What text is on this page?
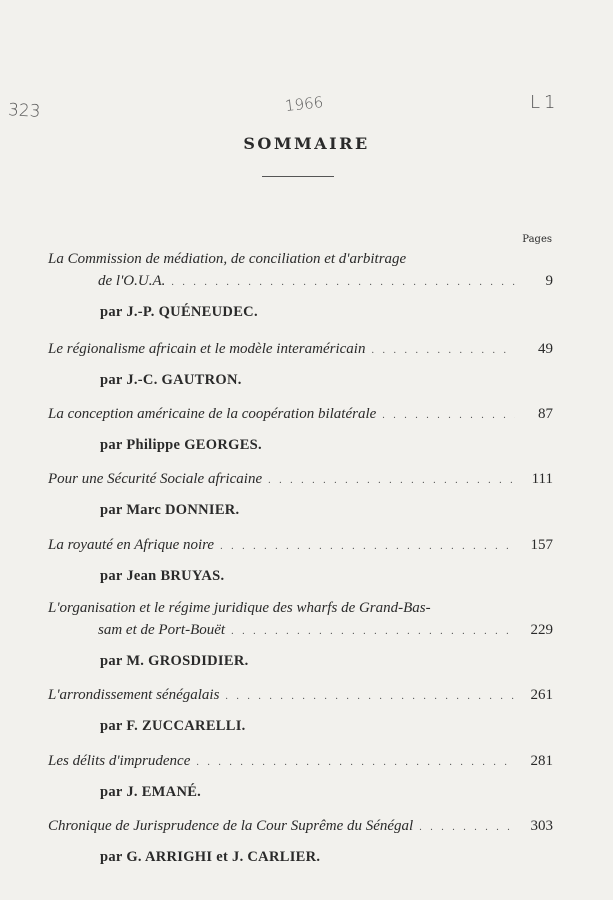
323	1966	L1
SOMMAIRE
Pages
La Commission de médiation, de conciliation et d'arbitrage
de l'O.U.A. . . .	9
par J.-P. QUÉNEUDEC.
Le régionalisme africain et le modèle interaméricain . . .	49
par J.-C. GAUTRON.
La conception américaine de la coopération bilatérale . . .	87
par Philippe GEORGES.
Pour une Sécurité Sociale africaine . . .	111
par Marc DONNIER.
La royauté en Afrique noire . . .	157
par Jean BRUYAS.
L'organisation et le régime juridique des wharfs de Grand-Bas-
sam et de Port-Bouët . . .	229
par M. GROSDIDIER.
L'arrondissement sénégalais . . .	261
par F. ZUCCARELLI.
Les délits d'imprudence . . .	281
par J. EMANÉ.
Chronique de Jurisprudence de la Cour Suprême du Sénégal . . .	303
par G. ARRIGHI et J. CARLIER.
